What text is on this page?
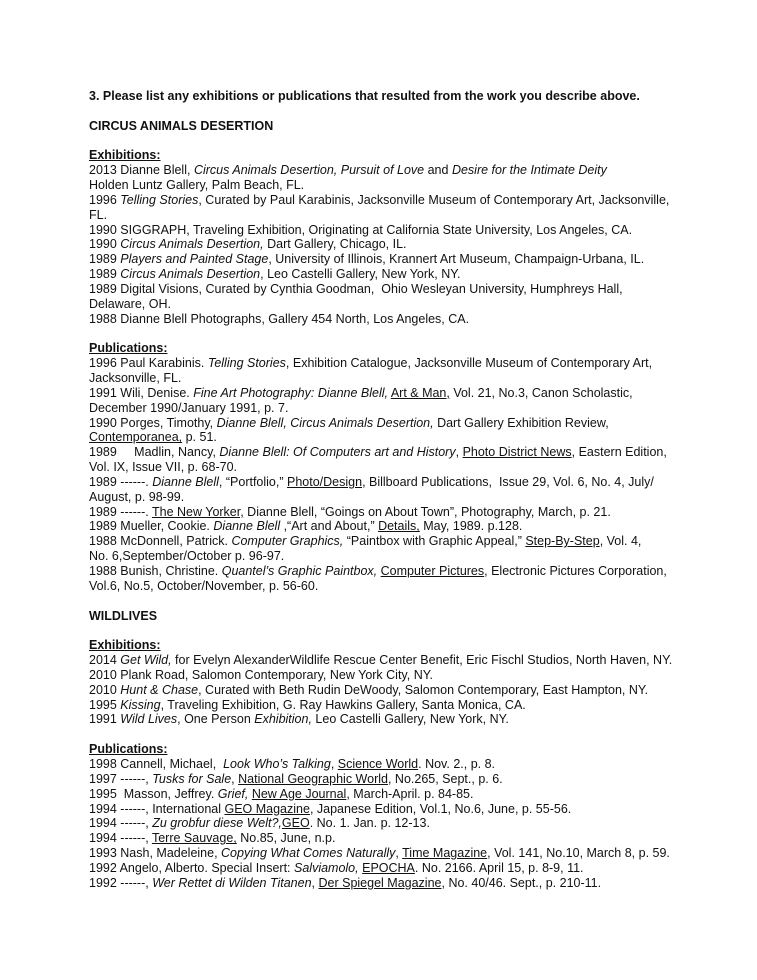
3. Please list any exhibitions or publications that resulted from the work you describe above.
CIRCUS ANIMALS DESERTION
Exhibitions:
2013 Dianne Blell, Circus Animals Desertion, Pursuit of Love and Desire for the Intimate Deity
Holden Luntz Gallery, Palm Beach, FL.
1996 Telling Stories, Curated by Paul Karabinis, Jacksonville Museum of Contemporary Art, Jacksonville,
FL.
1990 SIGGRAPH, Traveling Exhibition, Originating at California State University, Los Angeles, CA.
1990 Circus Animals Desertion, Dart Gallery, Chicago, IL.
1989 Players and Painted Stage, University of Illinois, Krannert Art Museum, Champaign-Urbana, IL.
1989 Circus Animals Desertion, Leo Castelli Gallery, New York, NY.
1989 Digital Visions, Curated by Cynthia Goodman,  Ohio Wesleyan University, Humphreys Hall,
Delaware, OH.
1988 Dianne Blell Photographs, Gallery 454 North, Los Angeles, CA.
Publications:
1996 Paul Karabinis. Telling Stories, Exhibition Catalogue, Jacksonville Museum of Contemporary Art,
Jacksonville, FL.
1991 Wili, Denise. Fine Art Photography: Dianne Blell, Art & Man, Vol. 21, No.3, Canon Scholastic,
December 1990/January 1991, p. 7.
1990 Porges, Timothy, Dianne Blell, Circus Animals Desertion, Dart Gallery Exhibition Review,
Contemporanea, p. 51.
1989     Madlin, Nancy, Dianne Blell: Of Computers art and History, Photo District News, Eastern Edition,
Vol. IX, Issue VII, p. 68-70.
1989 ------. Dianne Blell, “Portfolio,” Photo/Design, Billboard Publications,  Issue 29, Vol. 6, No. 4, July/
August, p. 98-99.
1989 ------. The New Yorker, Dianne Blell, “Goings on About Town”, Photography, March, p. 21.
1989 Mueller, Cookie. Dianne Blell ,“Art and About,” Details, May, 1989. p.128.
1988 McDonnell, Patrick. Computer Graphics, “Paintbox with Graphic Appeal,” Step-By-Step, Vol. 4,
No. 6,September/October p. 96-97.
1988 Bunish, Christine. Quantel’s Graphic Paintbox, Computer Pictures, Electronic Pictures Corporation,
Vol.6, No.5, October/November, p. 56-60.
WILDLIVES
Exhibitions:
2014 Get Wild, for Evelyn AlexanderWildlife Rescue Center Benefit, Eric Fischl Studios, North Haven, NY.
2010 Plank Road, Salomon Contemporary, New York City, NY.
2010 Hunt & Chase, Curated with Beth Rudin DeWoody, Salomon Contemporary, East Hampton, NY.
1995 Kissing, Traveling Exhibition, G. Ray Hawkins Gallery, Santa Monica, CA.
1991 Wild Lives, One Person Exhibition, Leo Castelli Gallery, New York, NY.
Publications:
1998 Cannell, Michael,  Look Who’s Talking, Science World. Nov. 2., p. 8.
1997 ------, Tusks for Sale, National Geographic World, No.265, Sept., p. 6.
1995  Masson, Jeffrey. Grief, New Age Journal, March-April. p. 84-85.
1994 ------, International GEO Magazine, Japanese Edition, Vol.1, No.6, June, p. 55-56.
1994 ------, Zu grobfur diese Welt?,GEO. No. 1. Jan. p. 12-13.
1994 ------, Terre Sauvage, No.85, June, n.p.
1993 Nash, Madeleine, Copying What Comes Naturally, Time Magazine, Vol. 141, No.10, March 8, p. 59.
1992 Angelo, Alberto. Special Insert: Salviamolo, EPOCHA. No. 2166. April 15, p. 8-9, 11.
1992 ------, Wer Rettet di Wilden Titanen, Der Spiegel Magazine, No. 40/46. Sept., p. 210-11.
